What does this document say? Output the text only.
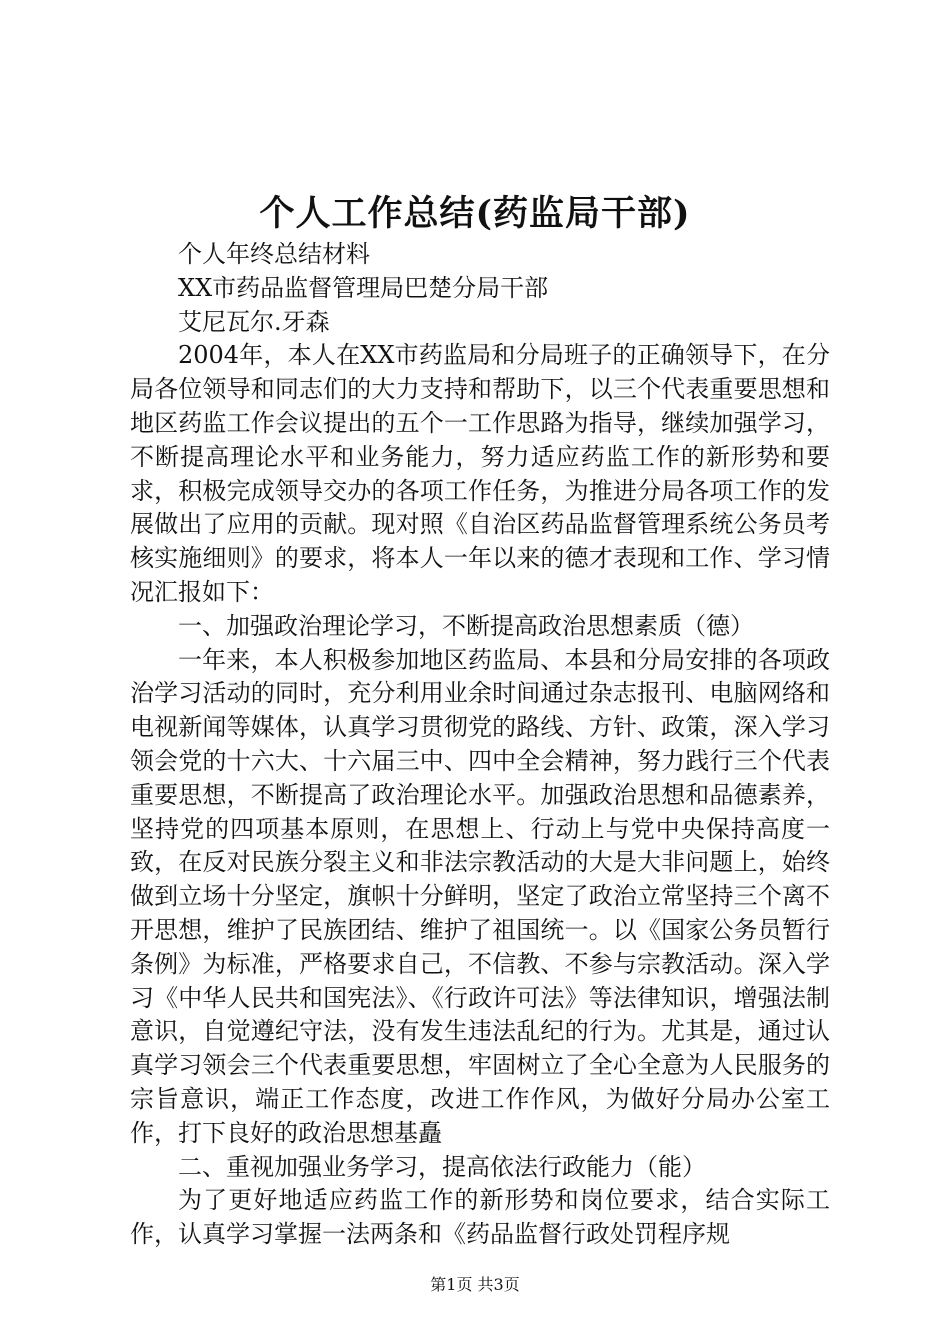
个人工作总结(药监局干部)

个人年终总结材料

XX市药品监督管理局巴楚分局干部

艾尼瓦尔.牙森

2004年，本人在XX市药监局和分局班子的正确领导下，在分局各位领导和同志们的大力支持和帮助下，以三个代表重要思想和地区药监工作会议提出的五个一工作思路为指导，继续加强学习，不断提高理论水平和业务能力，努力适应药监工作的新形势和要求，积极完成领导交办的各项工作任务，为推进分局各项工作的发展做出了应用的贡献。现对照《自治区药品监督管理系统公务员考核实施细则》的要求，将本人一年以来的德才表现和工作、学习情况汇报如下：

一、加强政治理论学习，不断提高政治思想素质（德）

一年来，本人积极参加地区药监局、本县和分局安排的各项政治学习活动的同时，充分利用业余时间通过杂志报刊、电脑网络和电视新闻等媒体，认真学习贯彻党的路线、方针、政策，深入学习领会党的十六大、十六届三中、四中全会精神，努力践行三个代表重要思想，不断提高了政治理论水平。加强政治思想和品德素养，坚持党的四项基本原则，在思想上、行动上与党中央保持高度一致，在反对民族分裂主义和非法宗教活动的大是大非问题上，始终做到立场十分坚定，旗帜十分鲜明，坚定了政治立常坚持三个离不开思想，维护了民族团结、维护了祖国统一。以《国家公务员暂行条例》为标准，严格要求自己，不信教、不参与宗教活动。深入学习《中华人民共和国宪法》、《行政许可法》等法律知识，增强法制意识，自觉遵纪守法，没有发生违法乱纪的行为。尤其是，通过认真学习领会三个代表重要思想，牢固树立了全心全意为人民服务的宗旨意识，端正工作态度，改进工作作风，为做好分局办公室工作，打下良好的政治思想基矗

二、重视加强业务学习，提高依法行政能力（能）

为了更好地适应药监工作的新形势和岗位要求，结合实际工作，认真学习掌握一法两条和《药品监督行政处罚程序规

第1页 共3页
